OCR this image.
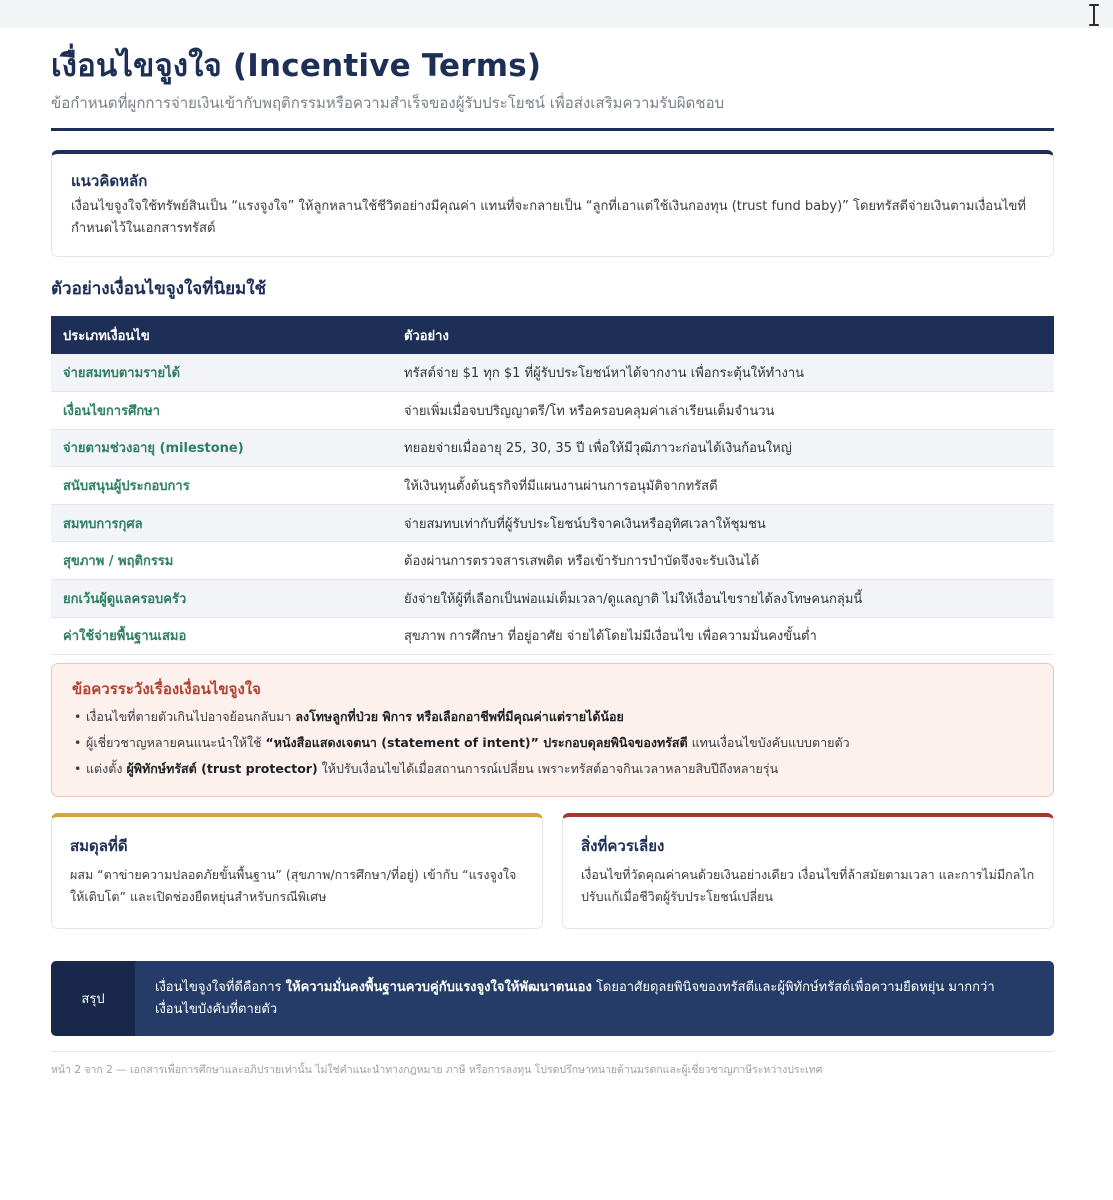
เงื่อนไขจูงใจ (Incentive Terms)
ข้อกำหนดที่ผูกการจ่ายเงินเข้ากับพฤติกรรมหรือความสำเร็จของผู้รับประโยชน์ เพื่อส่งเสริมความรับผิดชอบ
แนวคิดหลัก
เงื่อนไขจูงใจใช้ทรัพย์สินเป็น “แรงจูงใจ” ให้ลูกหลานใช้ชีวิตอย่างมีคุณค่า แทนที่จะกลายเป็น “ลูกที่เอาแต่ใช้เงินกองทุน (trust fund baby)” โดยทรัสตีจ่ายเงินตามเงื่อนไขที่กำหนดไว้ในเอกสารทรัสต์
ตัวอย่างเงื่อนไขจูงใจที่นิยมใช้
ประเภทเงื่อนไข	ตัวอย่าง
จ่ายสมทบตามรายได้	ทรัสต์จ่าย $1 ทุก $1 ที่ผู้รับประโยชน์หาได้จากงาน เพื่อกระตุ้นให้ทำงาน
เงื่อนไขการศึกษา	จ่ายเพิ่มเมื่อจบปริญญาตรี/โท หรือครอบคลุมค่าเล่าเรียนเต็มจำนวน
จ่ายตามช่วงอายุ (milestone)	ทยอยจ่ายเมื่ออายุ 25, 30, 35 ปี เพื่อให้มีวุฒิภาวะก่อนได้เงินก้อนใหญ่
สนับสนุนผู้ประกอบการ	ให้เงินทุนตั้งต้นธุรกิจที่มีแผนงานผ่านการอนุมัติจากทรัสตี
สมทบการกุศล	จ่ายสมทบเท่ากับที่ผู้รับประโยชน์บริจาคเงินหรืออุทิศเวลาให้ชุมชน
สุขภาพ / พฤติกรรม	ต้องผ่านการตรวจสารเสพติด หรือเข้ารับการบำบัดจึงจะรับเงินได้
ยกเว้นผู้ดูแลครอบครัว	ยังจ่ายให้ผู้ที่เลือกเป็นพ่อแม่เต็มเวลา/ดูแลญาติ ไม่ให้เงื่อนไขรายได้ลงโทษคนกลุ่มนี้
ค่าใช้จ่ายพื้นฐานเสมอ	สุขภาพ การศึกษา ที่อยู่อาศัย จ่ายได้โดยไม่มีเงื่อนไข เพื่อความมั่นคงขั้นต่ำ
ข้อควรระวังเรื่องเงื่อนไขจูงใจ
• เงื่อนไขที่ตายตัวเกินไปอาจย้อนกลับมา ลงโทษลูกที่ป่วย พิการ หรือเลือกอาชีพที่มีคุณค่าแต่รายได้น้อย
• ผู้เชี่ยวชาญหลายคนแนะนำให้ใช้ “หนังสือแสดงเจตนา (statement of intent)” ประกอบดุลยพินิจของทรัสตี แทนเงื่อนไขบังคับแบบตายตัว
• แต่งตั้ง ผู้พิทักษ์ทรัสต์ (trust protector) ให้ปรับเงื่อนไขได้เมื่อสถานการณ์เปลี่ยน เพราะทรัสต์อาจกินเวลาหลายสิบปีถึงหลายรุ่น
สมดุลที่ดี
ผสม “ตาข่ายความปลอดภัยขั้นพื้นฐาน” (สุขภาพ/การศึกษา/ที่อยู่) เข้ากับ “แรงจูงใจให้เติบโต” และเปิดช่องยืดหยุ่นสำหรับกรณีพิเศษ
สิ่งที่ควรเลี่ยง
เงื่อนไขที่วัดคุณค่าคนด้วยเงินอย่างเดียว เงื่อนไขที่ล้าสมัยตามเวลา และการไม่มีกลไกปรับแก้เมื่อชีวิตผู้รับประโยชน์เปลี่ยน
สรุป
เงื่อนไขจูงใจที่ดีคือการ ให้ความมั่นคงพื้นฐานควบคู่กับแรงจูงใจให้พัฒนาตนเอง โดยอาศัยดุลยพินิจของทรัสตีและผู้พิทักษ์ทรัสต์เพื่อความยืดหยุ่น มากกว่าเงื่อนไขบังคับที่ตายตัว
หน้า 2 จาก 2 — เอกสารเพื่อการศึกษาและอภิปรายเท่านั้น ไม่ใช่คำแนะนำทางกฎหมาย ภาษี หรือการลงทุน โปรดปรึกษาทนายด้านมรดกและผู้เชี่ยวชาญภาษีระหว่างประเทศ
